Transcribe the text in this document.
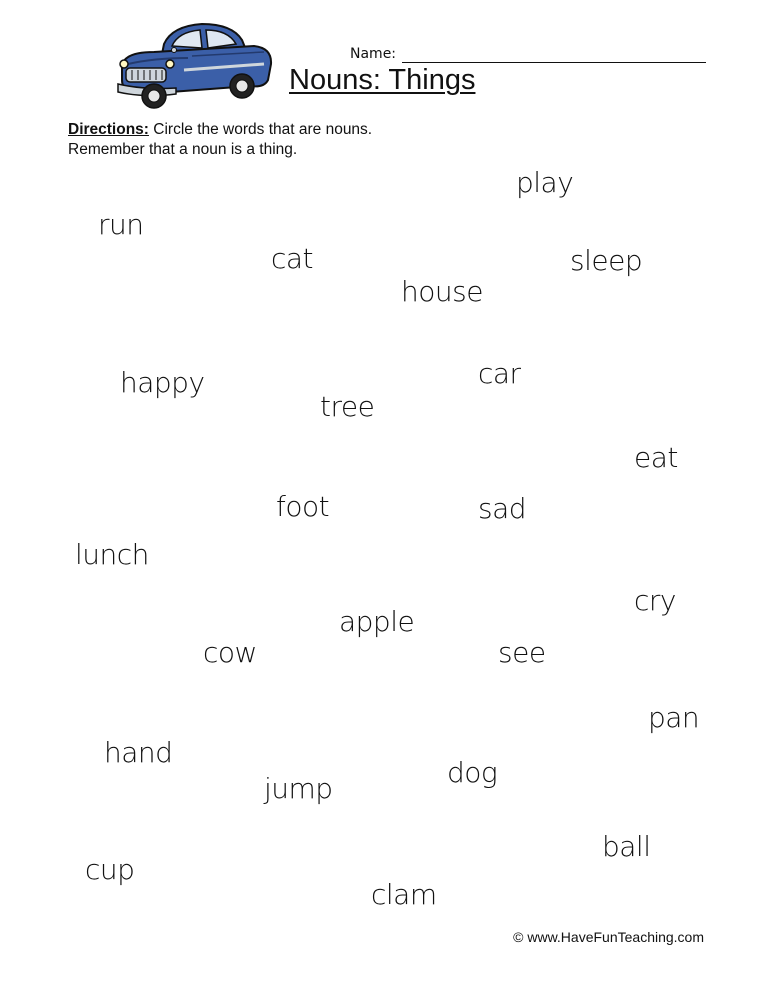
Name:
Nouns: Things
Directions: Circle the words that are nouns.
Remember that a noun is a thing.
play
run
cat	sleep
house
happy	car
tree
eat
foot	sad
lunch
cry
apple
cow	see
pan
hand
dog
jump
ball
cup
clam
© www.HaveFunTeaching.com
